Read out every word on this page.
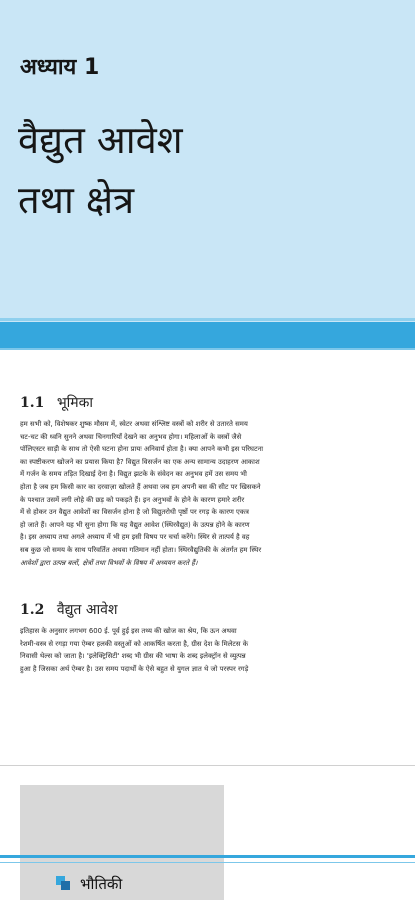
अध्याय 1
वैद्युत आवेश
तथा क्षेत्र
1.1 भूमिका
हम सभी को, विशेषकर शुष्क मौसम में, स्वेटर अथवा संश्लिष्ट वस्त्रों को शरीर से उतारते समय
चट-चट की ध्वनि सुनने अथवा चिनगारियाँ देखने का अनुभव होगा। महिलाओं के वस्त्रों जैसे
पॉलिएस्टर साड़ी के साथ तो ऐसी घटना होना प्रायः अनिवार्य होता है। क्या आपने कभी इस परिघटना
का स्पष्टीकरण खोजने का प्रयास किया है? विद्युत विसर्जन का एक अन्य सामान्य उदाहरण आकाश
में गर्जन के समय तड़ित दिखाई देना है। विद्युत झटके के संवेदन का अनुभव हमें उस समय भी
होता है जब हम किसी कार का दरवाज़ा खोलते हैं अथवा जब हम अपनी बस की सीट पर खिसकने
के पश्चात उसमें लगी लोहे की छड़ को पकड़ते हैं। इन अनुभवों के होने के कारण हमारे शरीर
में से होकर उन वैद्युत आवेशों का विसर्जन होना है जो विद्युतरोधी पृष्ठों पर रगड़ के कारण एकत्र
हो जाते हैं। आपने यह भी सुना होगा कि यह वैद्युत आवेश (स्थिरवैद्युत) के उत्पन्न होने के कारण
है। इस अध्याय तथा अगले अध्याय में भी हम इसी विषय पर चर्चा करेंगे। स्थिर से तात्पर्य है वह
सब कुछ जो समय के साथ परिवर्तित अथवा गतिमान नहीं होता। स्थिरवैद्युतिकी के अंतर्गत हम स्थिर
आवेशों द्वारा उत्पन्न बलों, क्षेत्रों तथा विभवों के विषय में अध्ययन करते हैं।
1.2 वैद्युत आवेश
इतिहास के अनुसार लगभग 600 ई. पूर्व हुई इस तथ्य की खोज का श्रेय, कि ऊन अथवा
रेशमी-वस्त्र से रगड़ा गया ऐम्बर हलकी वस्तुओं को आकर्षित करता है, ग्रीस देश के मिलेटस के
निवासी थेल्स को जाता है। 'इलेक्ट्रिसिटी' शब्द भी ग्रीस की भाषा के शब्द इलेक्ट्रॉन से व्युत्पन्न
हुआ है जिसका अर्थ ऐम्बर है। उस समय पदार्थों के ऐसे बहुत से युगल ज्ञात थे जो परस्पर रगड़े
भौतिकी
